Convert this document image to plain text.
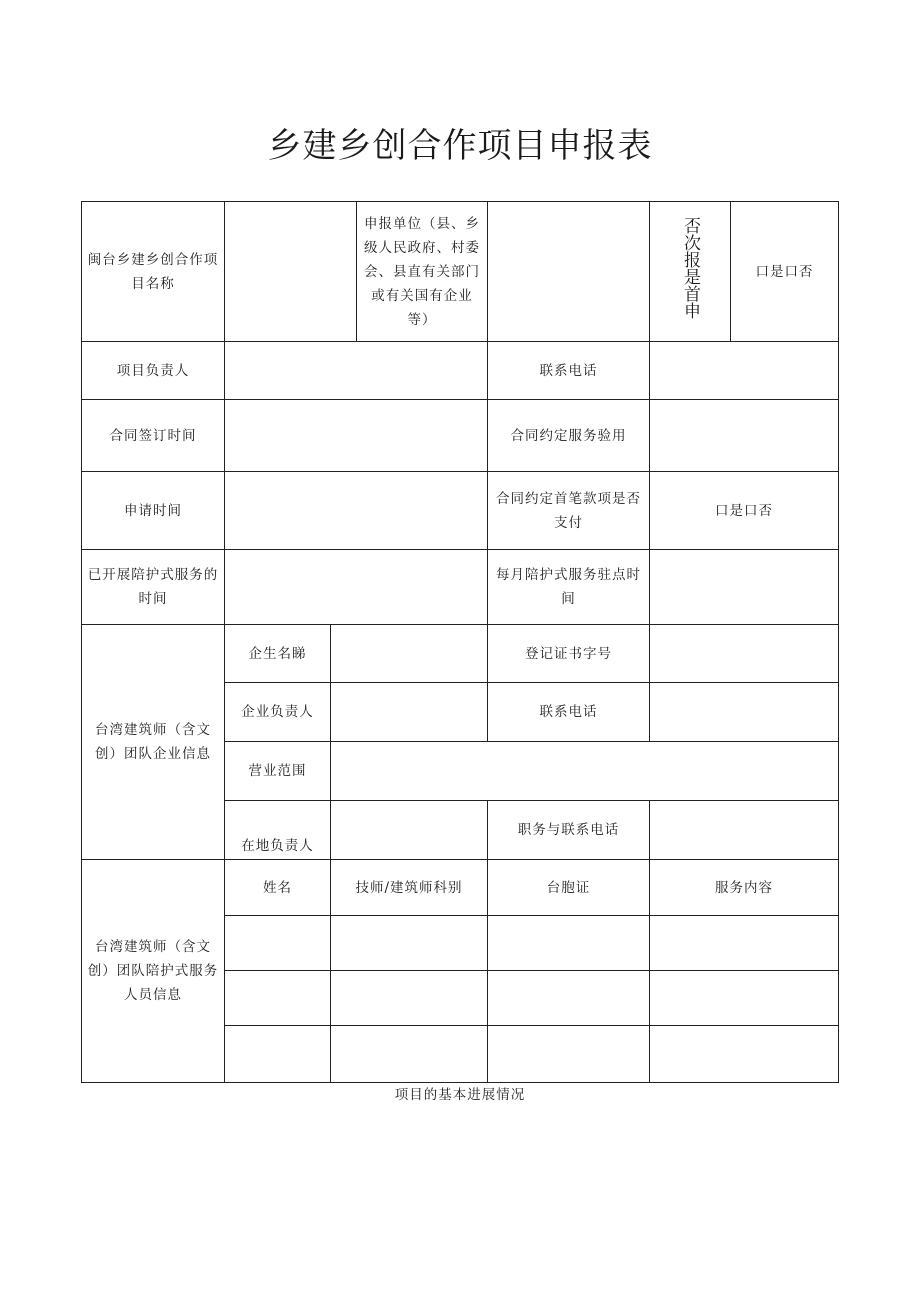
乡建乡创合作项目申报表
闽台乡建乡创合作项目名称			申报单位（县、乡级人民政府、村委会、县直有关部门或有关国有企业等）		否次报是首申	口是口否
项目负责人				联系电话		
合同签订时间				合同约定服务验用		
申请时间				合同约定首笔款项是否支付	口是口否	
已开展陪护式服务的时间				每月陪护式服务驻点时间		
台湾建筑师（含文创）团队企业信息	企生名睇			登记证书字号		
	企业负责人			联系电话		
	营业范围					
	在地负责人			职务与联系电话		
台湾建筑师（含文创）团队陪护式服务人员信息	姓名	技师/建筑师科别		台胞证	服务内容	

项目的基本进展情况
